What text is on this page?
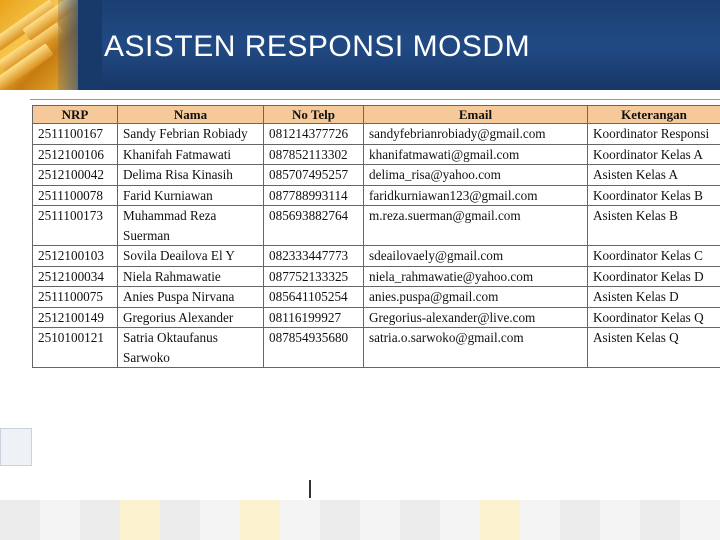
ASISTEN RESPONSI MOSDM
NRP	Nama	No Telp	Email	Keterangan
2511100167	Sandy Febrian Robiady	081214377726	sandyfebrianrobiady@gmail.com	Koordinator Responsi
2512100106	Khanifah Fatmawati	087852113302	khanifatmawati@gmail.com	Koordinator Kelas A
2512100042	Delima Risa Kinasih	085707495257	delima_risa@yahoo.com	Asisten Kelas A
2511100078	Farid Kurniawan	087788993114	faridkurniawan123@gmail.com	Koordinator Kelas B
2511100173	Muhammad Reza Suerman	085693882764	m.reza.suerman@gmail.com	Asisten Kelas B
2512100103	Sovila Deailova El Y	082333447773	sdeailovaely@gmail.com	Koordinator Kelas C
2512100034	Niela Rahmawatie	087752133325	niela_rahmawatie@yahoo.com	Koordinator Kelas D
2511100075	Anies Puspa Nirvana	085641105254	anies.puspa@gmail.com	Asisten Kelas D
2512100149	Gregorius Alexander	08116199927	Gregorius-alexander@live.com	Koordinator Kelas Q
2510100121	Satria Oktaufanus Sarwoko	087854935680	satria.o.sarwoko@gmail.com	Asisten Kelas Q
